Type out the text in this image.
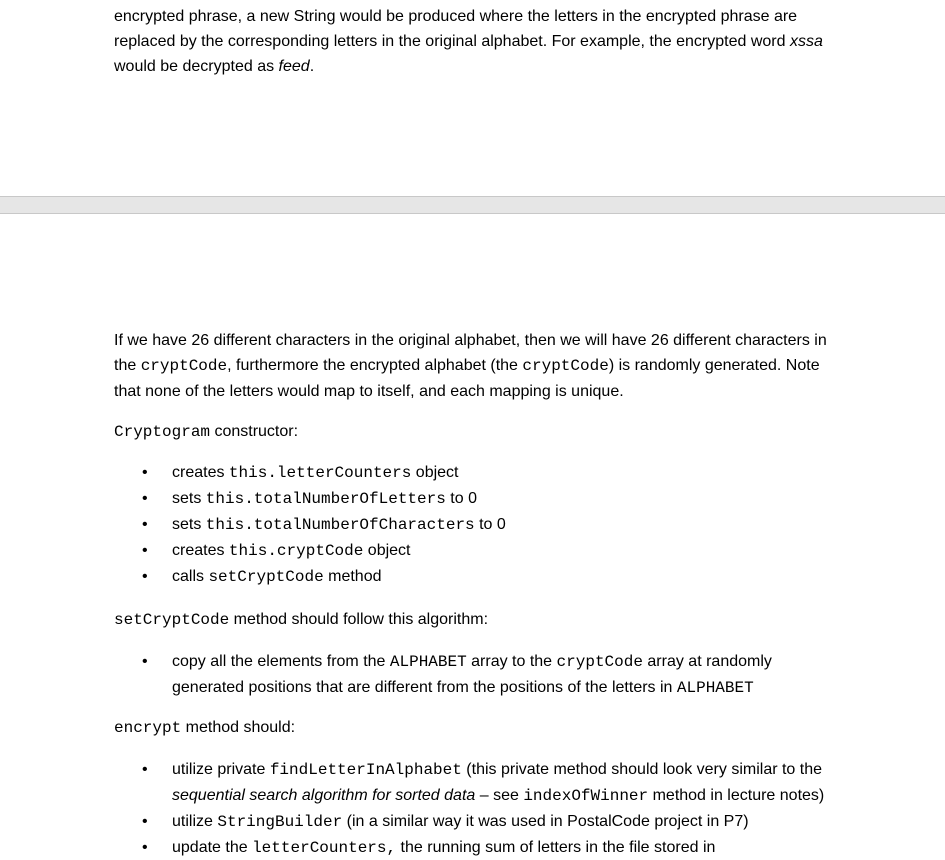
encrypted phrase, a new String would be produced where the letters in the encrypted phrase are
replaced by the corresponding letters in the original alphabet. For example, the encrypted word xssa
would be decrypted as feed.

If we have 26 different characters in the original alphabet, then we will have 26 different characters in
the cryptCode, furthermore the encrypted alphabet (the cryptCode) is randomly generated. Note
that none of the letters would map to itself, and each mapping is unique.

Cryptogram constructor:

• creates this.letterCounters object
• sets this.totalNumberOfLetters to 0
• sets this.totalNumberOfCharacters to 0
• creates this.cryptCode object
• calls setCryptCode method

setCryptCode method should follow this algorithm:

• copy all the elements from the ALPHABET array to the cryptCode array at randomly
generated positions that are different from the positions of the letters in ALPHABET

encrypt method should:

• utilize private findLetterInAlphabet (this private method should look very similar to the
sequential search algorithm for sorted data – see indexOfWinner method in lecture notes)
• utilize StringBuilder (in a similar way it was used in PostalCode project in P7)
• update the letterCounters, the running sum of letters in the file stored in
